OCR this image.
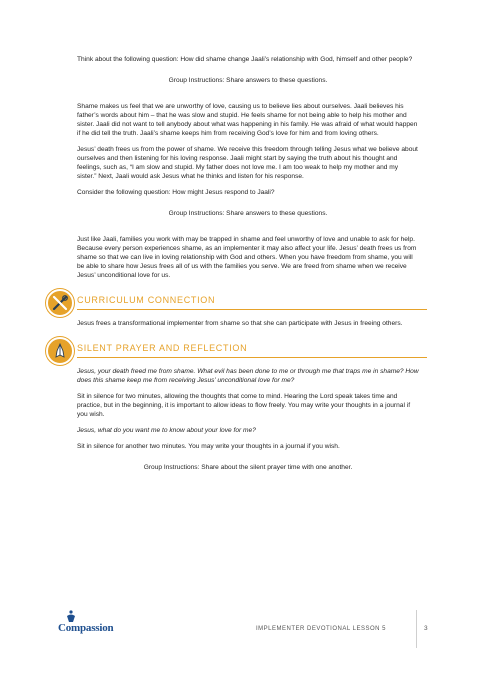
Think about the following question: How did shame change Jaali’s relationship with God, himself and other people?

Group Instructions: Share answers to these questions.

Shame makes us feel that we are unworthy of love, causing us to believe lies about ourselves. Jaali believes his father’s words about him – that he was slow and stupid. He feels shame for not being able to help his mother and sister. Jaali did not want to tell anybody about what was happening in his family. He was afraid of what would happen if he did tell the truth. Jaali’s shame keeps him from receiving God’s love for him and from loving others.

Jesus’ death frees us from the power of shame. We receive this freedom through telling Jesus what we believe about ourselves and then listening for his loving response. Jaali might start by saying the truth about his thought and feelings, such as, “I am slow and stupid. My father does not love me. I am too weak to help my mother and my sister.” Next, Jaali would ask Jesus what he thinks and listen for his response.

Consider the following question: How might Jesus respond to Jaali?

Group Instructions: Share answers to these questions.

Just like Jaali, families you work with may be trapped in shame and feel unworthy of love and unable to ask for help. Because every person experiences shame, as an implementer it may also affect your life. Jesus’ death frees us from shame so that we can live in loving relationship with God and others. When you have freedom from shame, you will be able to share how Jesus frees all of us with the families you serve. We are freed from shame when we receive Jesus’ unconditional love for us.

CURRICULUM CONNECTION

Jesus frees a transformational implementer from shame so that she can participate with Jesus in freeing others.

SILENT PRAYER AND REFLECTION

Jesus, your death freed me from shame. What evil has been done to me or through me that traps me in shame? How does this shame keep me from receiving Jesus’ unconditional love for me?

Sit in silence for two minutes, allowing the thoughts that come to mind. Hearing the Lord speak takes time and practice, but in the beginning, it is important to allow ideas to flow freely. You may write your thoughts in a journal if you wish.

Jesus, what do you want me to know about your love for me?

Sit in silence for another two minutes. You may write your thoughts in a journal if you wish.

Group Instructions: Share about the silent prayer time with one another.

Compassion	IMPLEMENTER DEVOTIONAL LESSON 5	3
